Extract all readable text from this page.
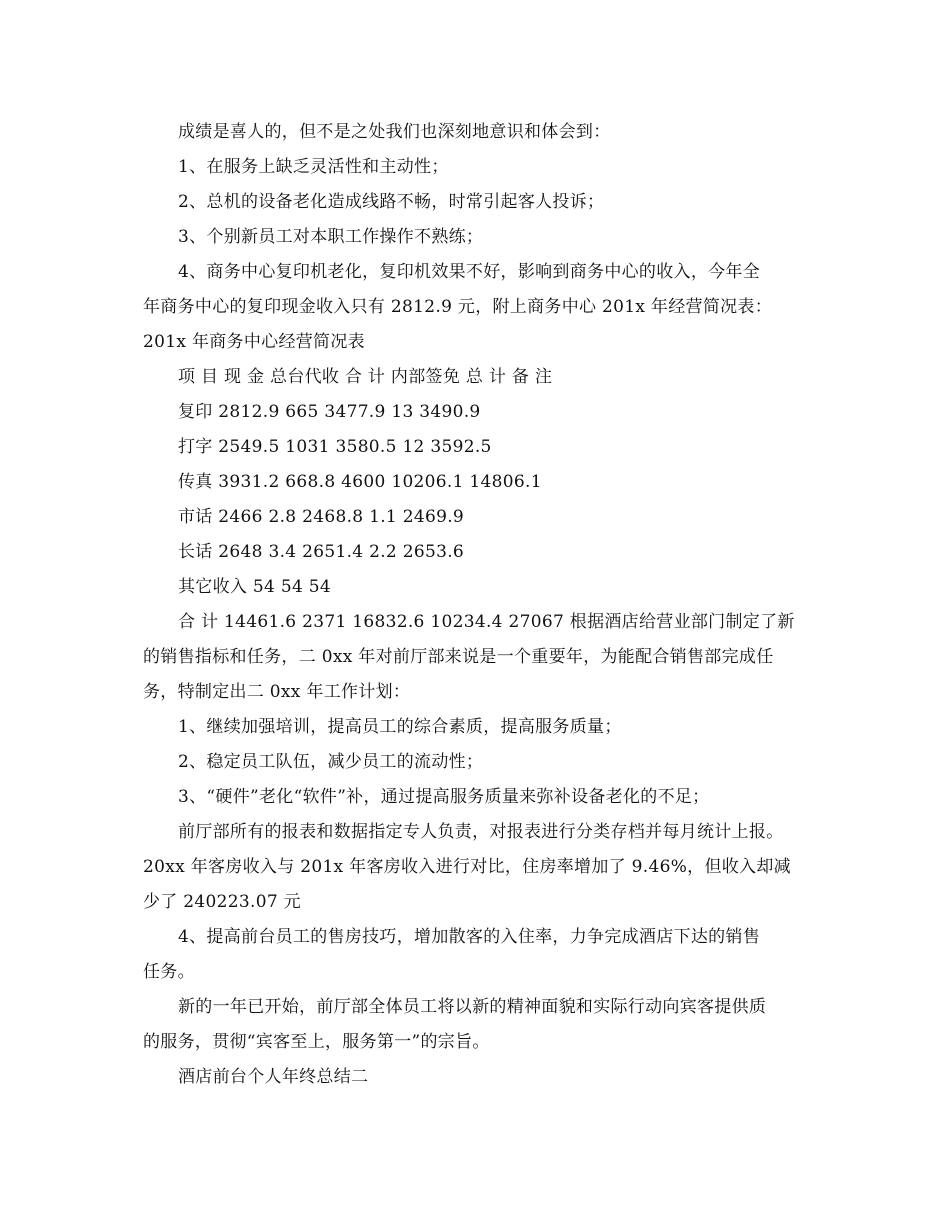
成绩是喜人的，但不是之处我们也深刻地意识和体会到：
1、在服务上缺乏灵活性和主动性；
2、总机的设备老化造成线路不畅，时常引起客人投诉；
3、个别新员工对本职工作操作不熟练；
4、商务中心复印机老化，复印机效果不好，影响到商务中心的收入，今年全
年商务中心的复印现金收入只有 2812.9 元，附上商务中心 201x 年经营简况表：
201x 年商务中心经营简况表
项 目 现 金 总台代收 合 计 内部签免 总 计 备 注
复印 2812.9 665 3477.9 13 3490.9
打字 2549.5 1031 3580.5 12 3592.5
传真 3931.2 668.8 4600 10206.1 14806.1
市话 2466 2.8 2468.8 1.1 2469.9
长话 2648 3.4 2651.4 2.2 2653.6
其它收入 54 54 54
合 计 14461.6 2371 16832.6 10234.4 27067 根据酒店给营业部门制定了新
的销售指标和任务，二 0xx 年对前厅部来说是一个重要年，为能配合销售部完成任
务，特制定出二 0xx 年工作计划：
1、继续加强培训，提高员工的综合素质，提高服务质量；
2、稳定员工队伍，减少员工的流动性；
3、“硬件”老化“软件”补，通过提高服务质量来弥补设备老化的不足；
前厅部所有的报表和数据指定专人负责，对报表进行分类存档并每月统计上报。
20xx 年客房收入与 201x 年客房收入进行对比，住房率增加了 9.46%，但收入却减
少了 240223.07 元
4、提高前台员工的售房技巧，增加散客的入住率，力争完成酒店下达的销售
任务。
新的一年已开始，前厅部全体员工将以新的精神面貌和实际行动向宾客提供质
的服务，贯彻“宾客至上，服务第一”的宗旨。
酒店前台个人年终总结二
